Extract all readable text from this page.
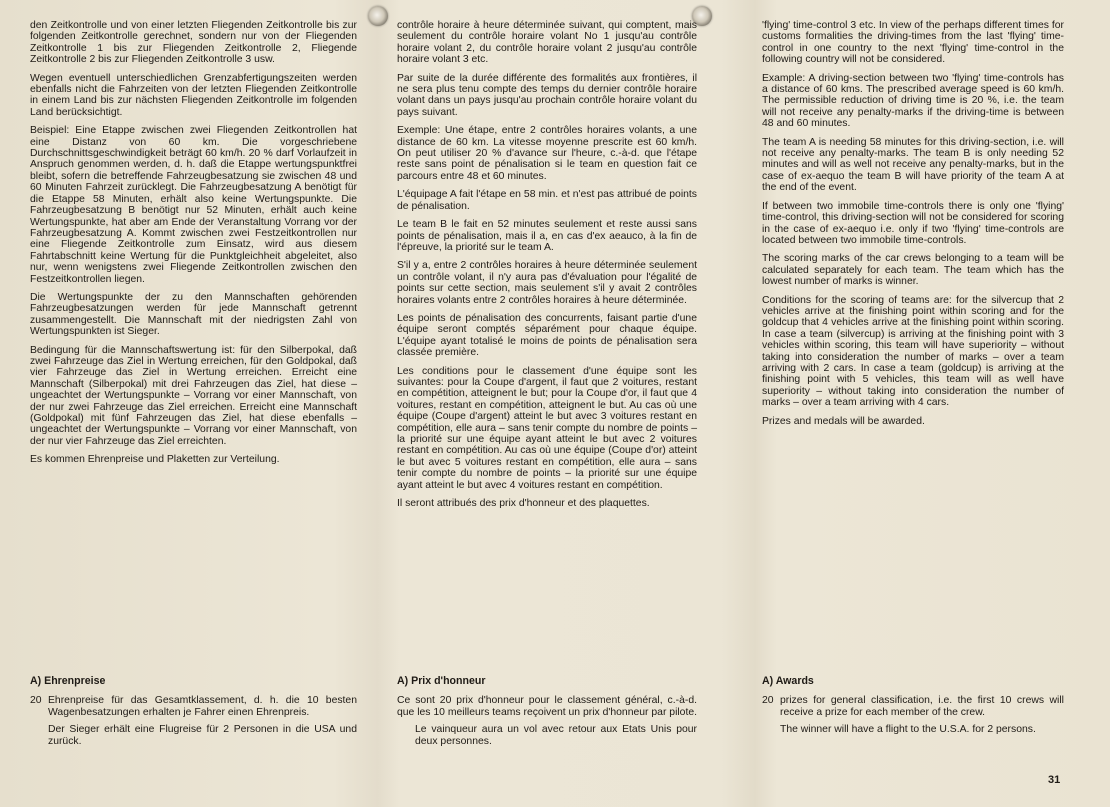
den Zeitkontrolle und von einer letzten Fliegenden Zeitkontrolle bis zur folgenden Zeitkontrolle gerechnet, sondern nur von der Fliegenden Zeitkontrolle 1 bis zur Fliegenden Zeitkontrolle 2, Fliegende Zeitkontrolle 2 bis zur Fliegenden Zeitkontrolle 3 usw.

Wegen eventuell unterschiedlichen Grenzabfertigungszeiten werden ebenfalls nicht die Fahrzeiten von der letzten Fliegenden Zeitkontrolle in einem Land bis zur nächsten Fliegenden Zeitkontrolle im folgenden Land berücksichtigt.

Beispiel: Eine Etappe zwischen zwei Fliegenden Zeitkontrollen hat eine Distanz von 60 km. Die vorgeschriebene Durchschnittsgeschwindigkeit beträgt 60 km/h. 20 % darf Vorlaufzeit in Anspruch genommen werden, d. h. daß die Etappe wertungspunktfrei bleibt, sofern die betreffende Fahrzeugbesatzung sie zwischen 48 und 60 Minuten Fahrzeit zurücklegt. Die Fahrzeugbesatzung A benötigt für die Etappe 58 Minuten, erhält also keine Wertungspunkte. Die Fahrzeugbesatzung B benötigt nur 52 Minuten, erhält auch keine Wertungspunkte, hat aber am Ende der Veranstaltung Vorrang vor der Fahrzeugbesatzung A. Kommt zwischen zwei Festzeitkontrollen nur eine Fliegende Zeitkontrolle zum Einsatz, wird aus diesem Fahrtabschnitt keine Wertung für die Punktgleichheit abgeleitet, also nur, wenn wenigstens zwei Fliegende Zeitkontrollen zwischen den Festzeitkontrollen liegen.

Die Wertungspunkte der zu den Mannschaften gehörenden Fahrzeugbesatzungen werden für jede Mannschaft getrennt zusammengestellt. Die Mannschaft mit der niedrigsten Zahl von Wertungspunkten ist Sieger.

Bedingung für die Mannschaftswertung ist: für den Silberpokal, daß zwei Fahrzeuge das Ziel in Wertung erreichen, für den Goldpokal, daß vier Fahrzeuge das Ziel in Wertung erreichen. Erreicht eine Mannschaft (Silberpokal) mit drei Fahrzeugen das Ziel, hat diese – ungeachtet der Wertungspunkte – Vorrang vor einer Mannschaft, von der nur zwei Fahrzeuge das Ziel erreichen. Erreicht eine Mannschaft (Goldpokal) mit fünf Fahrzeugen das Ziel, hat diese ebenfalls – ungeachtet der Wertungspunkte – Vorrang vor einer Mannschaft, von der nur vier Fahrzeuge das Ziel erreichten.

Es kommen Ehrenpreise und Plaketten zur Verteilung.

contrôle horaire à heure déterminée suivant, qui comptent, mais seulement du contrôle horaire volant No 1 jusqu'au contrôle horaire volant 2, du contrôle horaire volant 2 jusqu'au contrôle horaire volant 3 etc.

Par suite de la durée différente des formalités aux frontières, il ne sera plus tenu compte des temps du dernier contrôle horaire volant dans un pays jusqu'au prochain contrôle horaire volant du pays suivant.

Exemple: Une étape, entre 2 contrôles horaires volants, a une distance de 60 km. La vitesse moyenne prescrite est 60 km/h. On peut utiliser 20 % d'avance sur l'heure, c.-à-d. que l'étape reste sans point de pénalisation si le team en question fait ce parcours entre 48 et 60 minutes.

L'équipage A fait l'étape en 58 min. et n'est pas attribué de points de pénalisation.

Le team B le fait en 52 minutes seulement et reste aussi sans points de pénalisation, mais il a, en cas d'ex aeauco, à la fin de l'épreuve, la priorité sur le team A.

S'il y a, entre 2 contrôles horaires à heure déterminée seulement un contrôle volant, il n'y aura pas d'évaluation pour l'égalité de points sur cette section, mais seulement s'il y avait 2 contrôles horaires volants entre 2 contrôles horaires à heure déterminée.

Les points de pénalisation des concurrents, faisant partie d'une équipe seront comptés séparément pour chaque équipe. L'équipe ayant totalisé le moins de points de pénalisation sera classée première.

Les conditions pour le classement d'une équipe sont les suivantes: pour la Coupe d'argent, il faut que 2 voitures, restant en compétition, atteignent le but; pour la Coupe d'or, il faut que 4 voitures, restant en compétition, atteignent le but. Au cas où une équipe (Coupe d'argent) atteint le but avec 3 voitures restant en compétition, elle aura – sans tenir compte du nombre de points – la priorité sur une équipe ayant atteint le but avec 2 voitures restant en compétition. Au cas où une équipe (Coupe d'or) atteint le but avec 5 voitures restant en compétition, elle aura – sans tenir compte du nombre de points – la priorité sur une équipe ayant atteint le but avec 4 voitures restant en compétition.

Il seront attribués des prix d'honneur et des plaquettes.

'flying' time-control 3 etc. In view of the perhaps different times for customs formalities the driving-times from the last 'flying' time-control in one country to the next 'flying' time-control in the following country will not be considered.

Example: A driving-section between two 'flying' time-controls has a distance of 60 kms. The prescribed average speed is 60 km/h. The permissible reduction of driving time is 20 %, i.e. the team will not receive any penalty-marks if the driving-time is between 48 and 60 minutes.

The team A is needing 58 minutes for this driving-section, i.e. will not receive any penalty-marks. The team B is only needing 52 minutes and will as well not receive any penalty-marks, but in the case of ex-aequo the team B will have priority of the team A at the end of the event.

If between two immobile time-controls there is only one 'flying' time-control, this driving-section will not be considered for scoring in the case of ex-aequo i.e. only if two 'flying' time-controls are located between two immobile time-controls.

The scoring marks of the car crews belonging to a team will be calculated separately for each team. The team which has the lowest number of marks is winner.

Conditions for the scoring of teams are: for the silvercup that 2 vehicles arrive at the finishing point within scoring and for the goldcup that 4 vehicles arrive at the finishing point within scoring. In case a team (silvercup) is arriving at the finishing point with 3 vehicles within scoring, this team will have superiority – without taking into consideration the number of marks – over a team arriving with 2 cars. In case a team (goldcup) is arriving at the finishing point with 5 vehicles, this team will as well have superiority – without taking into consideration the number of marks – over a team arriving with 4 cars.

Prizes and medals will be awarded.

A) Ehrenpreise
20 Ehrenpreise für das Gesamtklassement, d. h. die 10 besten Wagenbesatzungen erhalten je Fahrer einen Ehrenpreis.

Der Sieger erhält eine Flugreise für 2 Personen in die USA und zurück.

A) Prix d'honneur
Ce sont 20 prix d'honneur pour le classement général, c.-à-d. que les 10 meilleurs teams reçoivent un prix d'honneur par pilote.

Le vainqueur aura un vol avec retour aux Etats Unis pour deux personnes.

A) Awards
20 prizes for general classification, i.e. the first 10 crews will receive a prize for each member of the crew.

The winner will have a flight to the U.S.A. for 2 persons.

31
